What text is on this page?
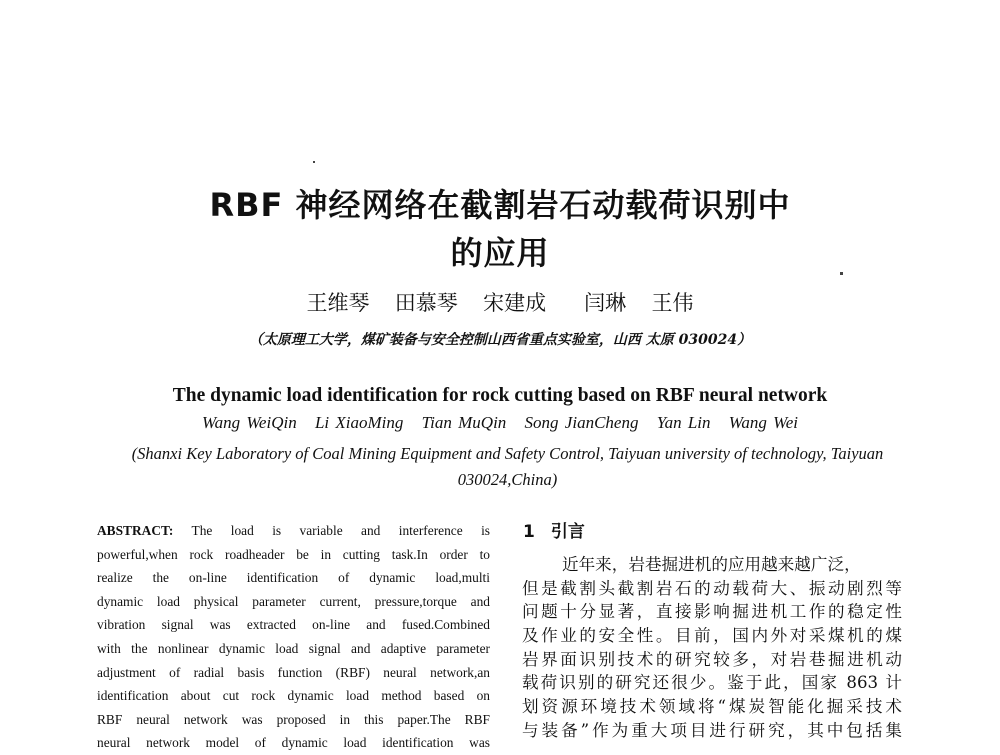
RBF 神经网络在截割岩石动载荷识别中
的应用
王维琴  田慕琴  宋建成   闫琳  王伟
（太原理工大学，煤矿装备与安全控制山西省重点实验室，山西 太原 030024）
The dynamic load identification for rock cutting based on RBF neural network
Wang WeiQin Li XiaoMing Tian MuQin Song JianCheng Yan Lin Wang Wei
(Shanxi Key Laboratory of Coal Mining Equipment and Safety Control, Taiyuan university of technology, Taiyuan
030024,China)
ABSTRACT: The load is variable and interference is
powerful,when rock roadheader be in cutting task.In order to
realize the on-line identification of dynamic load,multi
dynamic load physical parameter current, pressure,torque and
vibration signal was extracted on-line and fused.Combined
with the nonlinear dynamic load signal and adaptive parameter
adjustment of radial basis function (RBF) neural network,an
identification about cut rock dynamic load method based on
RBF neural network was proposed in this paper.The RBF
neural network model of dynamic load identification was
1 引言
近年来，岩巷掘进机的应用越来越广泛，
但是截割头截割岩石的动载荷大、振动剧烈等
问题十分显著，直接影响掘进机工作的稳定性
及作业的安全性。目前，国内外对采煤机的煤
岩界面识别技术的研究较多，对岩巷掘进机动
载荷识别的研究还很少。鉴于此，国家 863 计
划资源环境技术领域将“煤炭智能化掘采技术
与装备”作为重大项目进行研究，其中包括集
